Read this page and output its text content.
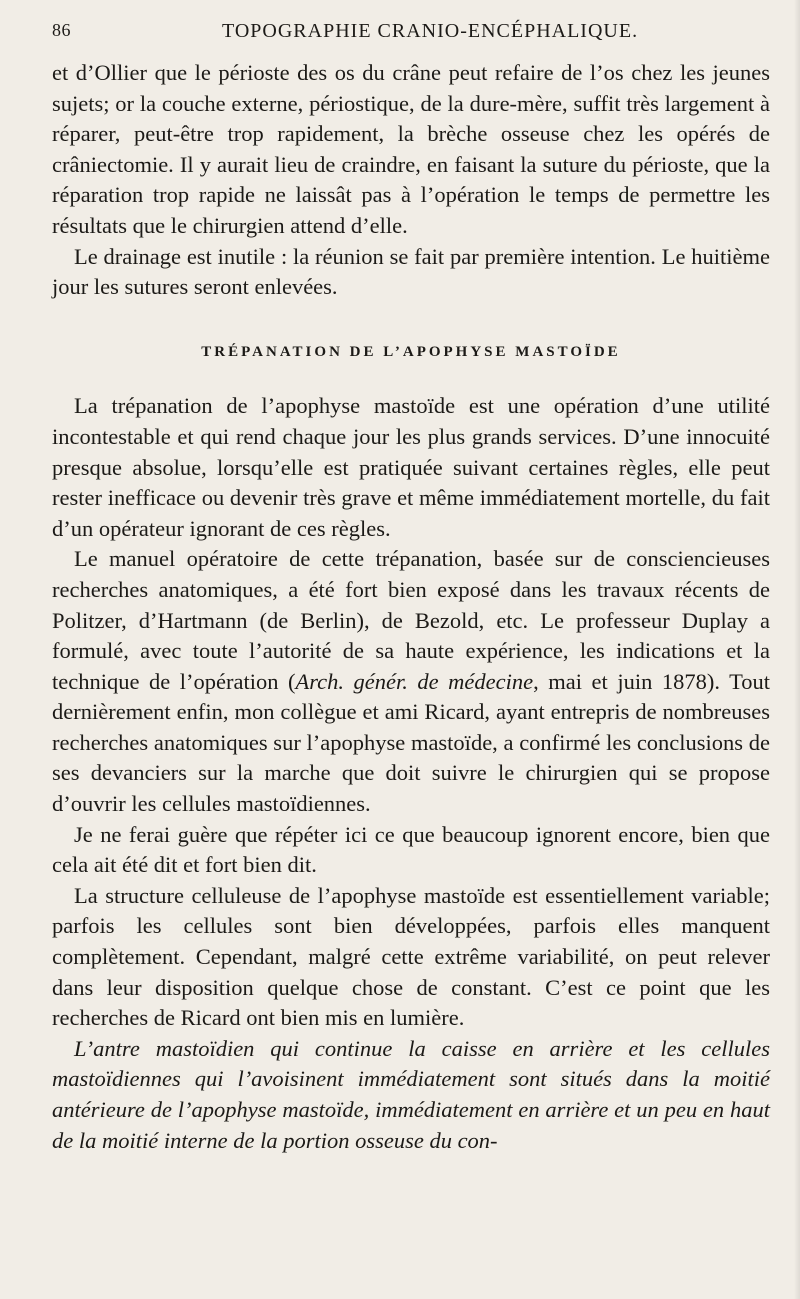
86	TOPOGRAPHIE CRANIO-ENCÉPHALIQUE.

et d’Ollier que le périoste des os du crâne peut refaire de l’os chez les jeunes sujets; or la couche externe, périostique, de la dure-mère, suffit très largement à réparer, peut-être trop rapidement, la brèche osseuse chez les opérés de crâniectomie. Il y aurait lieu de craindre, en faisant la suture du périoste, que la réparation trop rapide ne laissât pas à l’opération le temps de permettre les résultats que le chirurgien attend d’elle.

Le drainage est inutile : la réunion se fait par première intention. Le huitième jour les sutures seront enlevées.

TRÉPANATION DE L’APOPHYSE MASTOÏDE

La trépanation de l’apophyse mastoïde est une opération d’une utilité incontestable et qui rend chaque jour les plus grands services. D’une innocuité presque absolue, lorsqu’elle est pratiquée suivant certaines règles, elle peut rester inefficace ou devenir très grave et même immédiatement mortelle, du fait d’un opérateur ignorant de ces règles.

Le manuel opératoire de cette trépanation, basée sur de consciencieuses recherches anatomiques, a été fort bien exposé dans les travaux récents de Politzer, d’Hartmann (de Berlin), de Bezold, etc. Le professeur Duplay a formulé, avec toute l’autorité de sa haute expérience, les indications et la technique de l’opération (Arch. génér. de médecine, mai et juin 1878). Tout dernièrement enfin, mon collègue et ami Ricard, ayant entrepris de nombreuses recherches anatomiques sur l’apophyse mastoïde, a confirmé les conclusions de ses devanciers sur la marche que doit suivre le chirurgien qui se propose d’ouvrir les cellules mastoïdiennes.

Je ne ferai guère que répéter ici ce que beaucoup ignorent encore, bien que cela ait été dit et fort bien dit.

La structure celluleuse de l’apophyse mastoïde est essentiellement variable; parfois les cellules sont bien développées, parfois elles manquent complètement. Cependant, malgré cette extrême variabilité, on peut relever dans leur disposition quelque chose de constant. C’est ce point que les recherches de Ricard ont bien mis en lumière.

L’antre mastoïdien qui continue la caisse en arrière et les cellules mastoïdiennes qui l’avoisinent immédiatement sont situés dans la moitié antérieure de l’apophyse mastoïde, immédiatement en arrière et un peu en haut de la moitié interne de la portion osseuse du con-
